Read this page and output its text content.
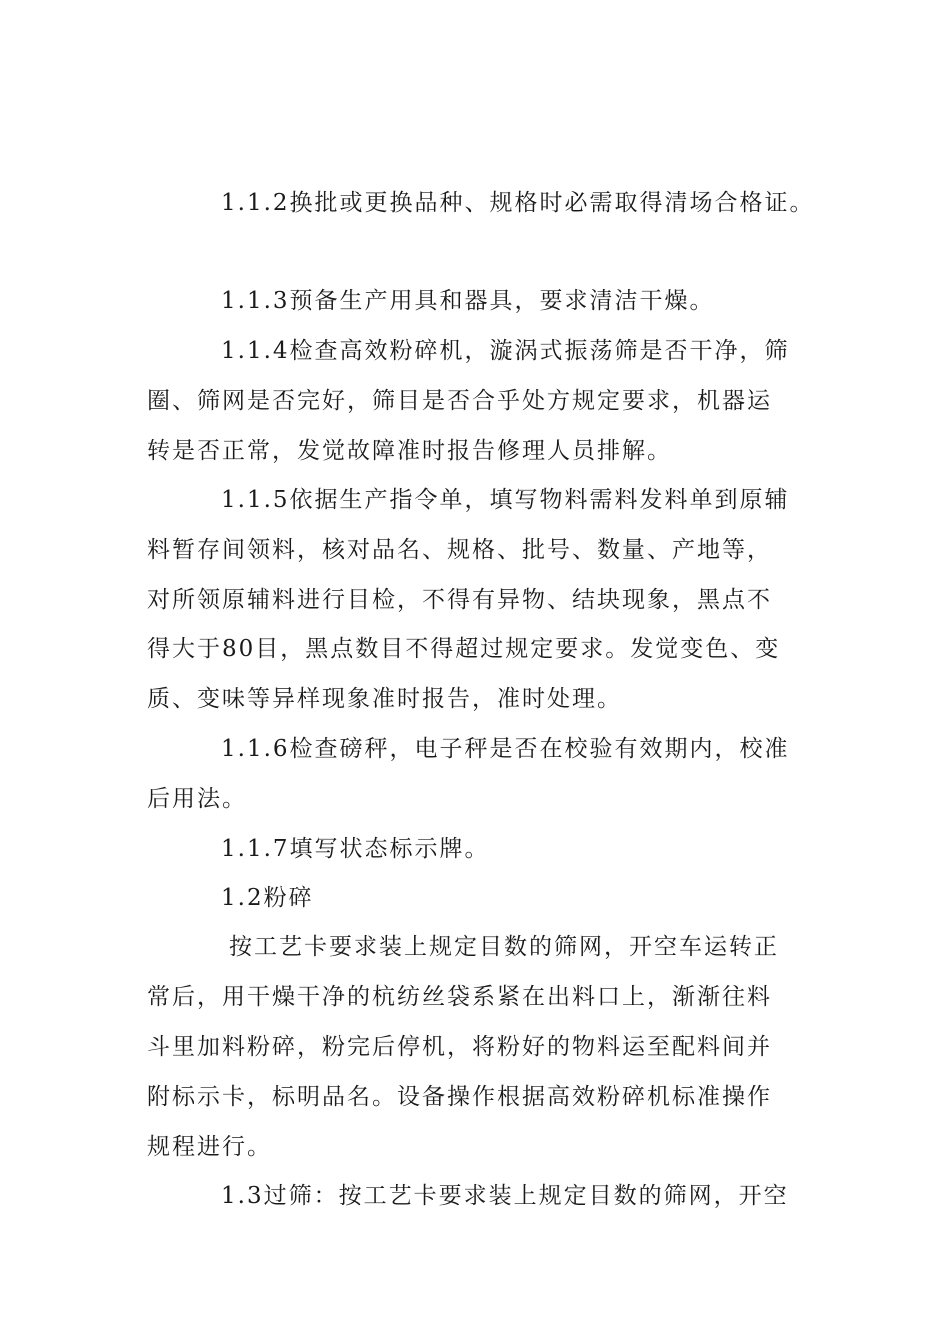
1.1.2换批或更换品种、规格时必需取得清场合格证。
1.1.3预备生产用具和器具，要求清洁干燥。
1.1.4检查高效粉碎机，漩涡式振荡筛是否干净，筛
圈、筛网是否完好，筛目是否合乎处方规定要求，机器运
转是否正常，发觉故障准时报告修理人员排解。
1.1.5依据生产指令单，填写物料需料发料单到原辅
料暂存间领料，核对品名、规格、批号、数量、产地等，
对所领原辅料进行目检，不得有异物、结块现象，黑点不
得大于80目，黑点数目不得超过规定要求。发觉变色、变
质、变味等异样现象准时报告，准时处理。
1.1.6检查磅秤，电子秤是否在校验有效期内，校准
后用法。
1.1.7填写状态标示牌。
1.2粉碎
按工艺卡要求装上规定目数的筛网，开空车运转正
常后，用干燥干净的杭纺丝袋系紧在出料口上，渐渐往料
斗里加料粉碎，粉完后停机，将粉好的物料运至配料间并
附标示卡，标明品名。设备操作根据高效粉碎机标准操作
规程进行。
1.3过筛：按工艺卡要求装上规定目数的筛网，开空
